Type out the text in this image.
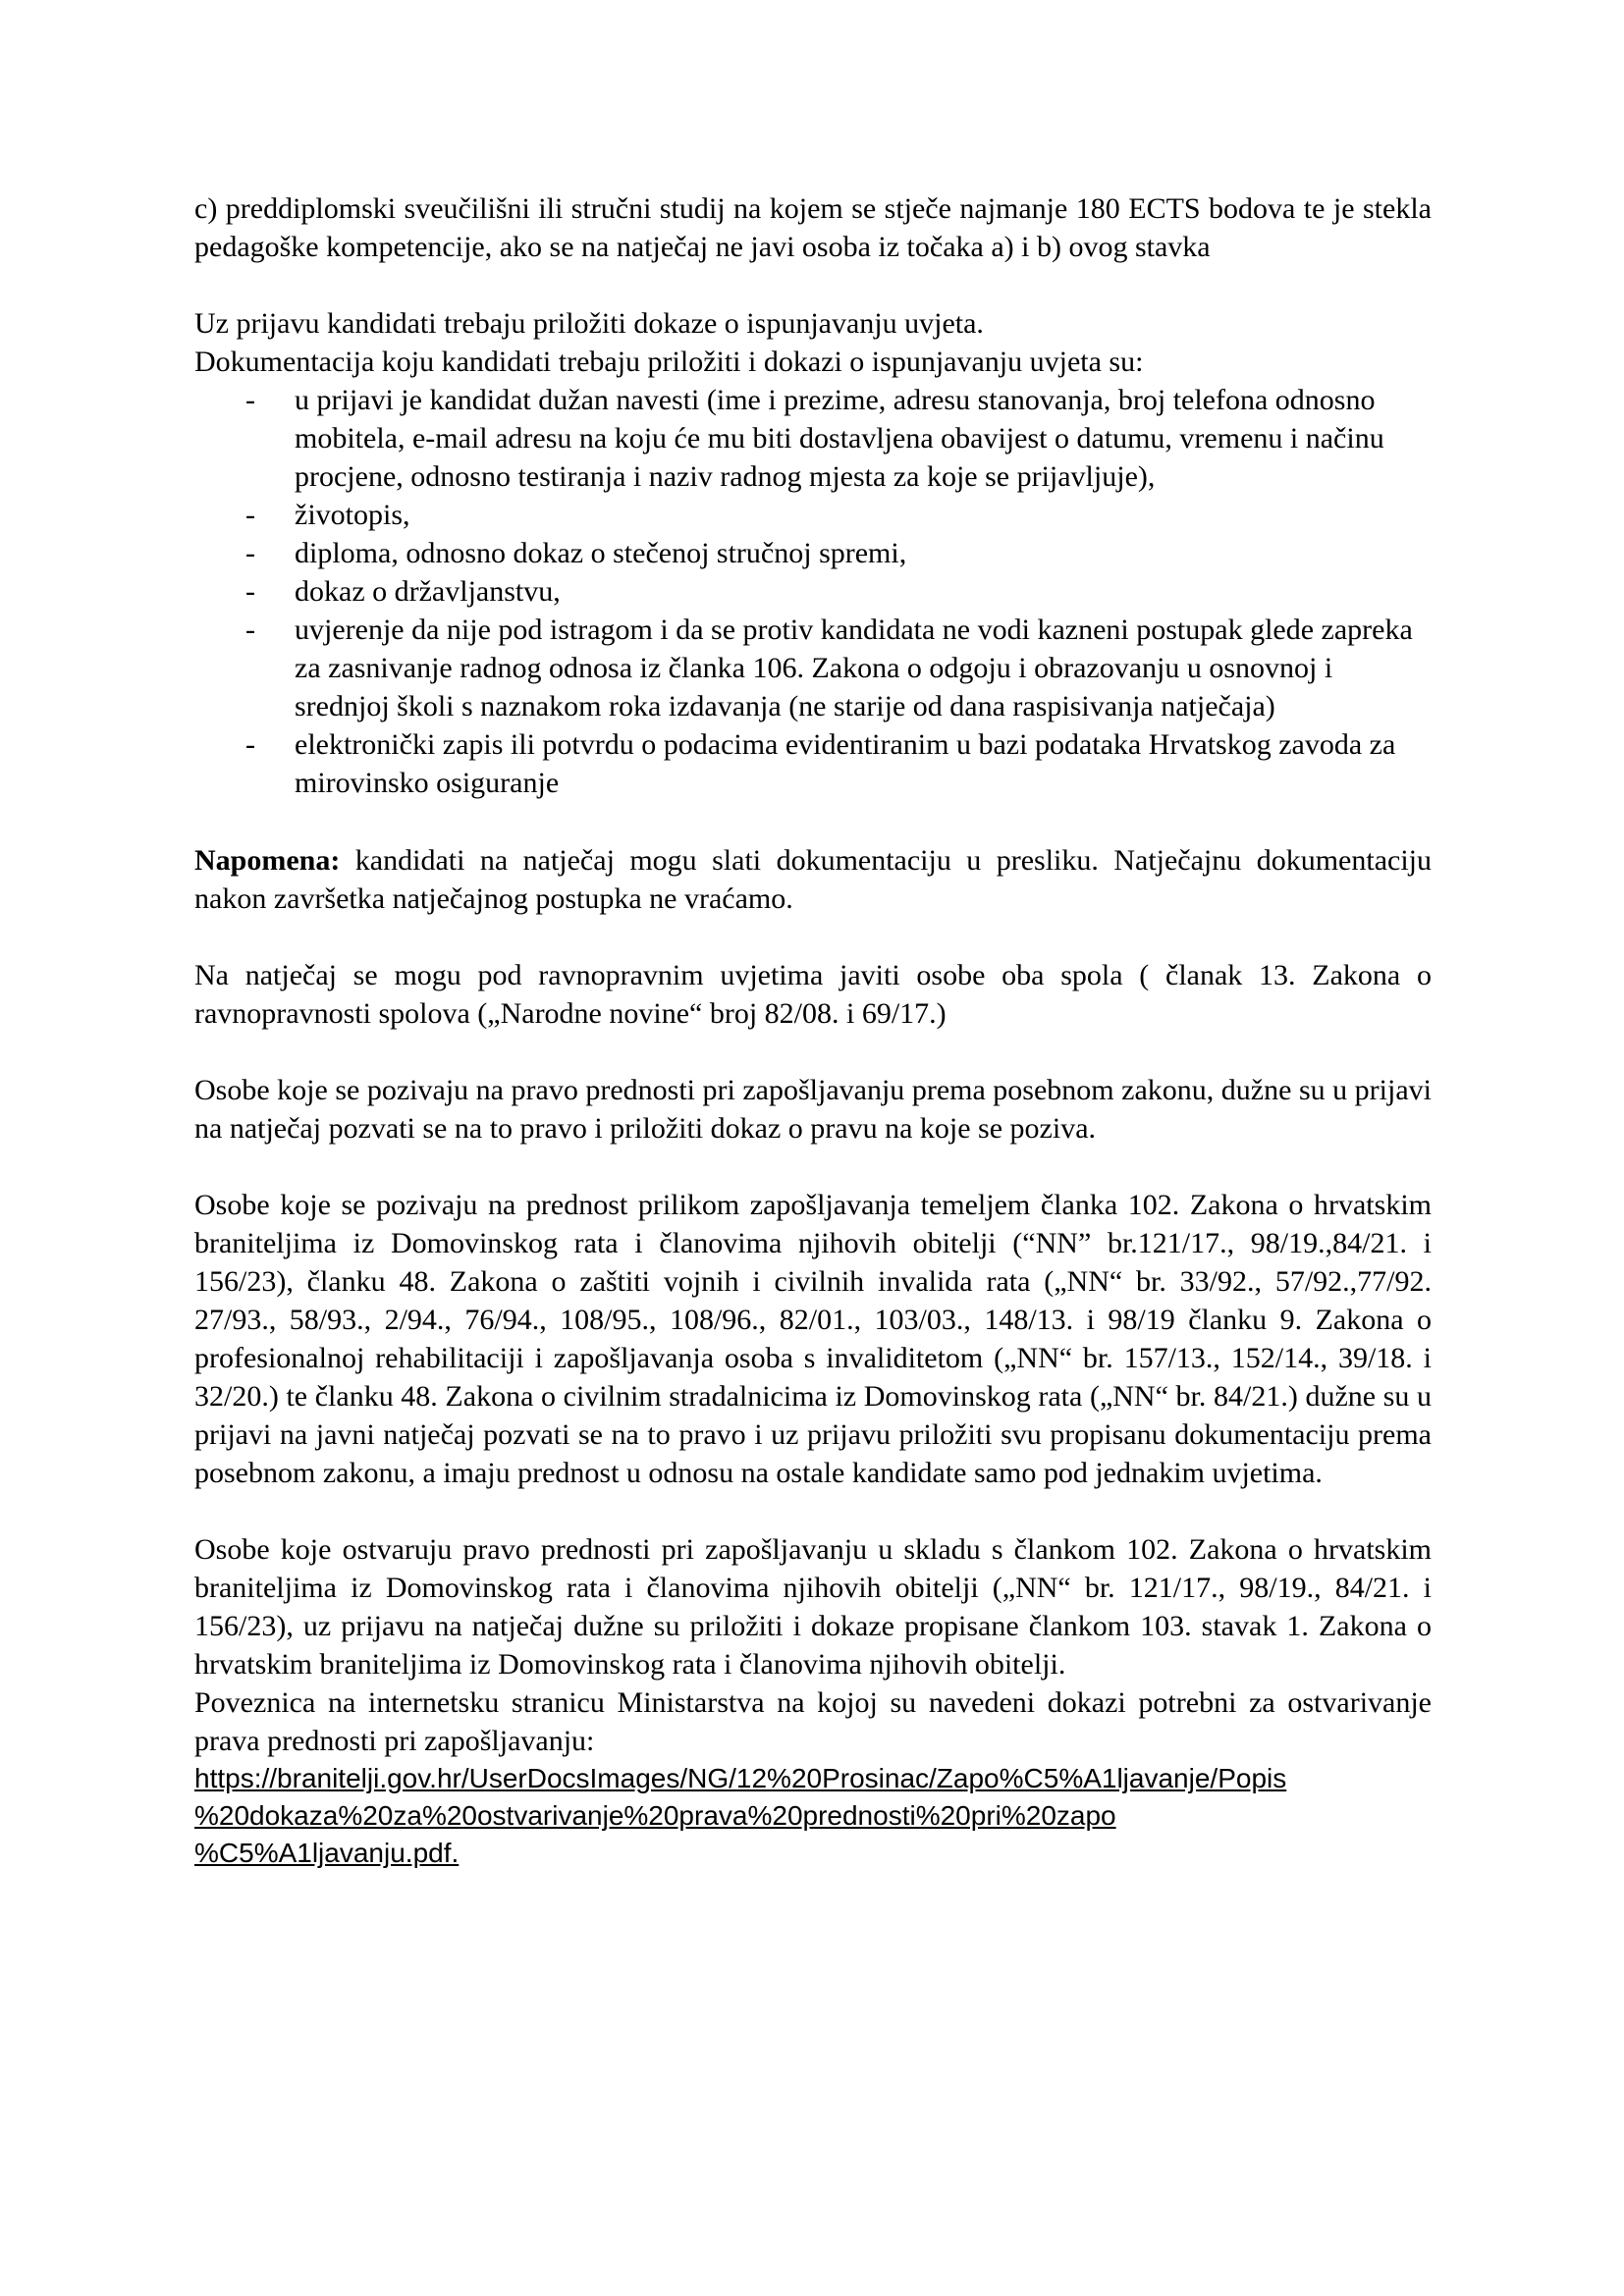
c) preddiplomski sveučilišni ili stručni studij na kojem se stječe najmanje 180 ECTS bodova te je stekla pedagoške kompetencije, ako se na natječaj ne javi osoba iz točaka a) i b) ovog stavka

Uz prijavu kandidati trebaju priložiti dokaze o ispunjavanju uvjeta.

Dokumentacija koju kandidati trebaju priložiti i dokazi o ispunjavanju uvjeta su:

- u prijavi je kandidat dužan navesti (ime i prezime, adresu stanovanja, broj telefona odnosno mobitela, e-mail adresu na koju će mu biti dostavljena obavijest o datumu, vremenu i načinu procjene, odnosno testiranja i naziv radnog mjesta za koje se prijavljuje),
- životopis,
- diploma, odnosno dokaz o stečenoj stručnoj spremi,
- dokaz o državljanstvu,
- uvjerenje da nije pod istragom i da se protiv kandidata ne vodi kazneni postupak glede zapreka za zasnivanje radnog odnosa iz članka 106. Zakona o odgoju i obrazovanju u osnovnoj i srednjoj školi s naznakom roka izdavanja (ne starije od dana raspisivanja natječaja)
- elektronički zapis ili potvrdu o podacima evidentiranim u bazi podataka Hrvatskog zavoda za mirovinsko osiguranje

Napomena: kandidati na natječaj mogu slati dokumentaciju u presliku. Natječajnu dokumentaciju nakon završetka natječajnog postupka ne vraćamo.

Na natječaj se mogu pod ravnopravnim uvjetima javiti osobe oba spola ( članak 13. Zakona o ravnopravnosti spolova („Narodne novine“ broj 82/08. i 69/17.)

Osobe koje se pozivaju na pravo prednosti pri zapošljavanju prema posebnom zakonu, dužne su u prijavi na natječaj pozvati se na to pravo i priložiti dokaz o pravu na koje se poziva.

Osobe koje se pozivaju na prednost prilikom zapošljavanja temeljem članka 102. Zakona o hrvatskim braniteljima iz Domovinskog rata i članovima njihovih obitelji (“NN” br.121/17., 98/19.,84/21. i 156/23), članku 48. Zakona o zaštiti vojnih i civilnih invalida rata („NN“ br. 33/92., 57/92.,77/92. 27/93., 58/93., 2/94., 76/94., 108/95., 108/96., 82/01., 103/03., 148/13. i 98/19 članku 9. Zakona o profesionalnoj rehabilitaciji i zapošljavanja osoba s invaliditetom („NN“ br. 157/13., 152/14., 39/18. i 32/20.) te članku 48. Zakona o civilnim stradalnicima iz Domovinskog rata („NN“ br. 84/21.) dužne su u prijavi na javni natječaj pozvati se na to pravo i uz prijavu priložiti svu propisanu dokumentaciju prema posebnom zakonu, a imaju prednost u odnosu na ostale kandidate samo pod jednakim uvjetima.

Osobe koje ostvaruju pravo prednosti pri zapošljavanju u skladu s člankom 102. Zakona o hrvatskim braniteljima iz Domovinskog rata i članovima njihovih obitelji („NN“ br. 121/17., 98/19., 84/21. i 156/23), uz prijavu na natječaj dužne su priložiti i dokaze propisane člankom 103. stavak 1. Zakona o hrvatskim braniteljima iz Domovinskog rata i članovima njihovih obitelji.

Poveznica na internetsku stranicu Ministarstva na kojoj su navedeni dokazi potrebni za ostvarivanje prava prednosti pri zapošljavanju:

https://branitelji.gov.hr/UserDocsImages/NG/12%20Prosinac/Zapo%C5%A1ljavanje/Popis
%20dokaza%20za%20ostvarivanje%20prava%20prednosti%20pri%20zapo
%C5%A1ljavanju.pdf.
